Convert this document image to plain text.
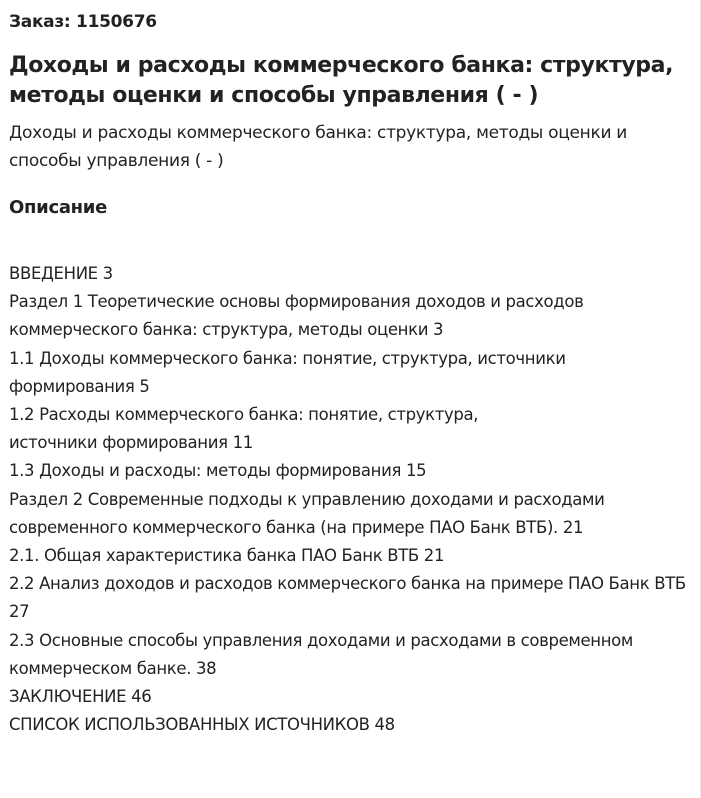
Заказ: 1150676

Доходы и расходы коммерческого банка: структура, методы оценки и способы управления ( - )

Доходы и расходы коммерческого банка: структура, методы оценки и способы управления ( - )

Описание
ВВЕДЕНИЕ 3
Раздел 1 Теоретические основы формирования доходов и расходов коммерческого банка: структура, методы оценки 3
1.1 Доходы коммерческого банка: понятие, структура, источники формирования 5
1.2 Расходы коммерческого банка: понятие, структура,
источники формирования 11
1.3 Доходы и расходы: методы формирования 15
Раздел 2 Современные подходы к управлению доходами и расходами современного коммерческого банка (на примере ПАО Банк ВТБ). 21
2.1. Общая характеристика банка ПАО Банк ВТБ 21
2.2 Анализ доходов и расходов коммерческого банка на примере ПАО Банк ВТБ 27
2.3 Основные способы управления доходами и расходами в современном коммерческом банке. 38
ЗАКЛЮЧЕНИЕ 46
СПИСОК ИСПОЛЬЗОВАННЫХ ИСТОЧНИКОВ 48
